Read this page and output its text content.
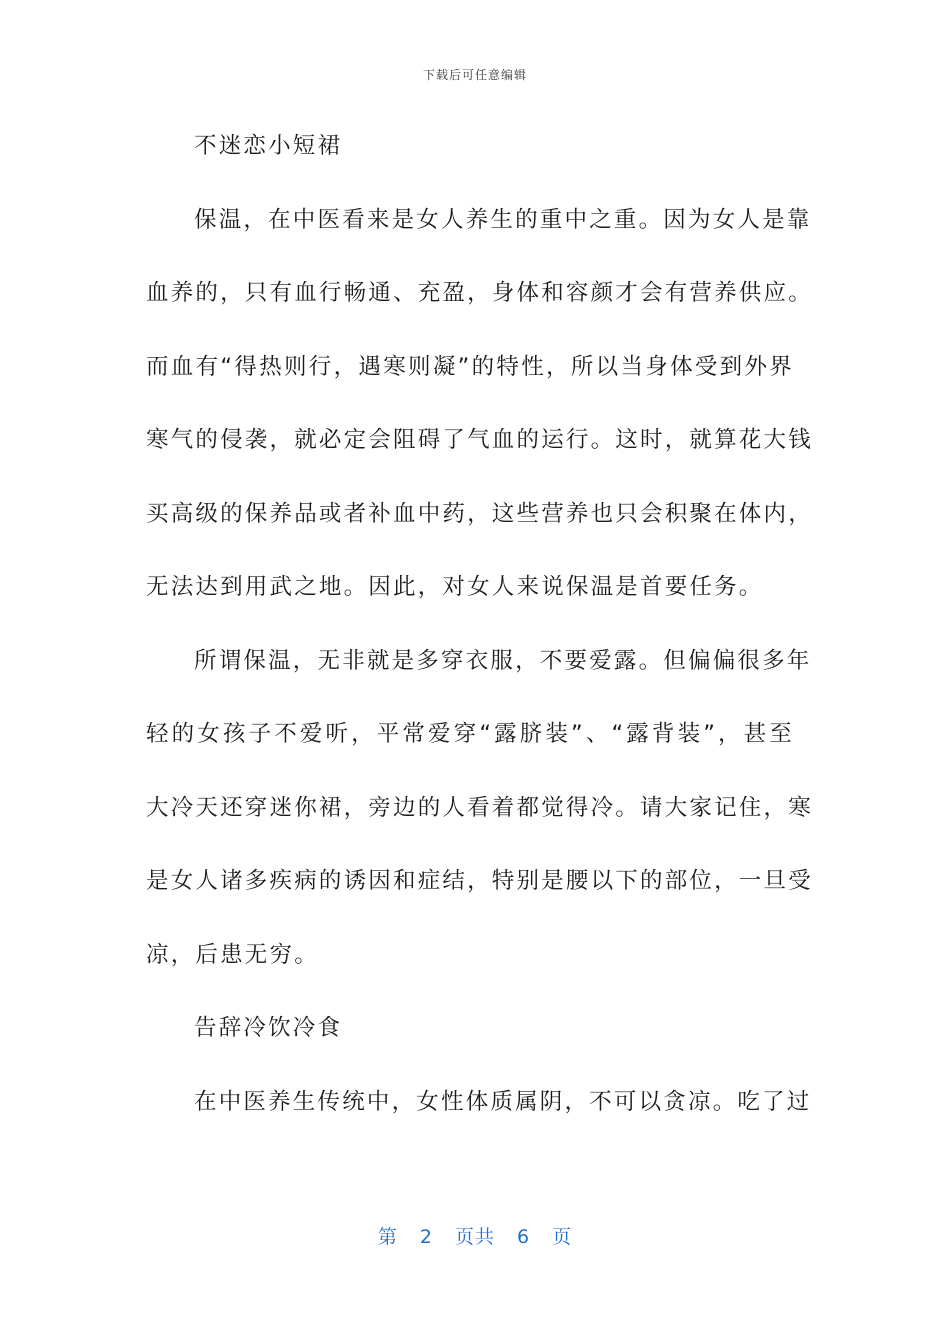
下载后可任意编辑
不迷恋小短裙
保温，在中医看来是女人养生的重中之重。因为女人是靠
血养的，只有血行畅通、充盈，身体和容颜才会有营养供应。
而血有“得热则行，遇寒则凝”的特性，所以当身体受到外界
寒气的侵袭，就必定会阻碍了气血的运行。这时，就算花大钱
买高级的保养品或者补血中药，这些营养也只会积聚在体内，
无法达到用武之地。因此，对女人来说保温是首要任务。
所谓保温，无非就是多穿衣服，不要爱露。但偏偏很多年
轻的女孩子不爱听，平常爱穿“露脐装”、“露背装”，甚至
大冷天还穿迷你裙，旁边的人看着都觉得冷。请大家记住，寒
是女人诸多疾病的诱因和症结，特别是腰以下的部位，一旦受
凉，后患无穷。
告辞冷饮冷食
在中医养生传统中，女性体质属阴，不可以贪凉。吃了过
第 2 页共 6 页
